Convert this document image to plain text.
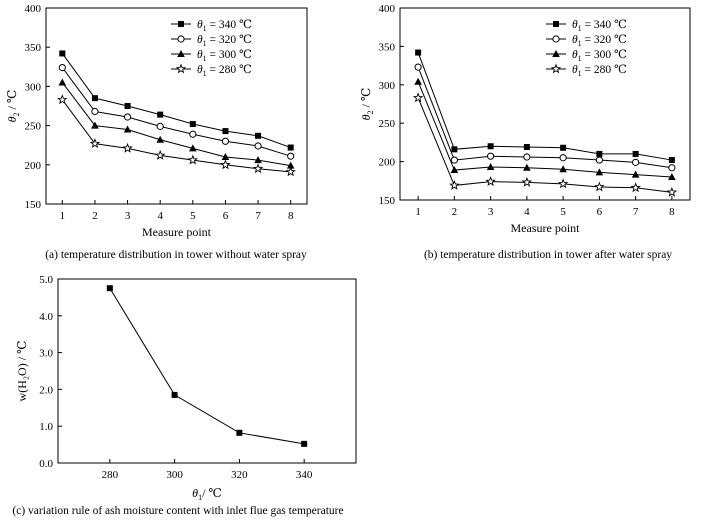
150
200
250
300
350
400
1 2 3 4 5 6 7 8
Measure point
$\theta_2/$ ℃
$\theta_1 = 340$ ℃
$\theta_1 = 320$ ℃
$\theta_1 = 300$ ℃
$\theta_1 = 280$ ℃
(a) temperature distribution in tower without water spray
150
200
250
300
350
400
1	2	3	4	5	6	7	8
Measure point
$\theta_2/$ ℃
$\theta_1 = 340$ ℃
$\theta_1 = 320$ ℃
$\theta_1 = 300$ ℃
$\theta_1 = 280$ ℃
(b) temperature distribution in tower after water spray
0.0
1.0
2.0
3.0
4.0
5.0
280	300	320	340
$\theta_1/$ ℃
w(H₂O) / ℃
(c) variation rule of ash moisture content with inlet flue gas temperature
